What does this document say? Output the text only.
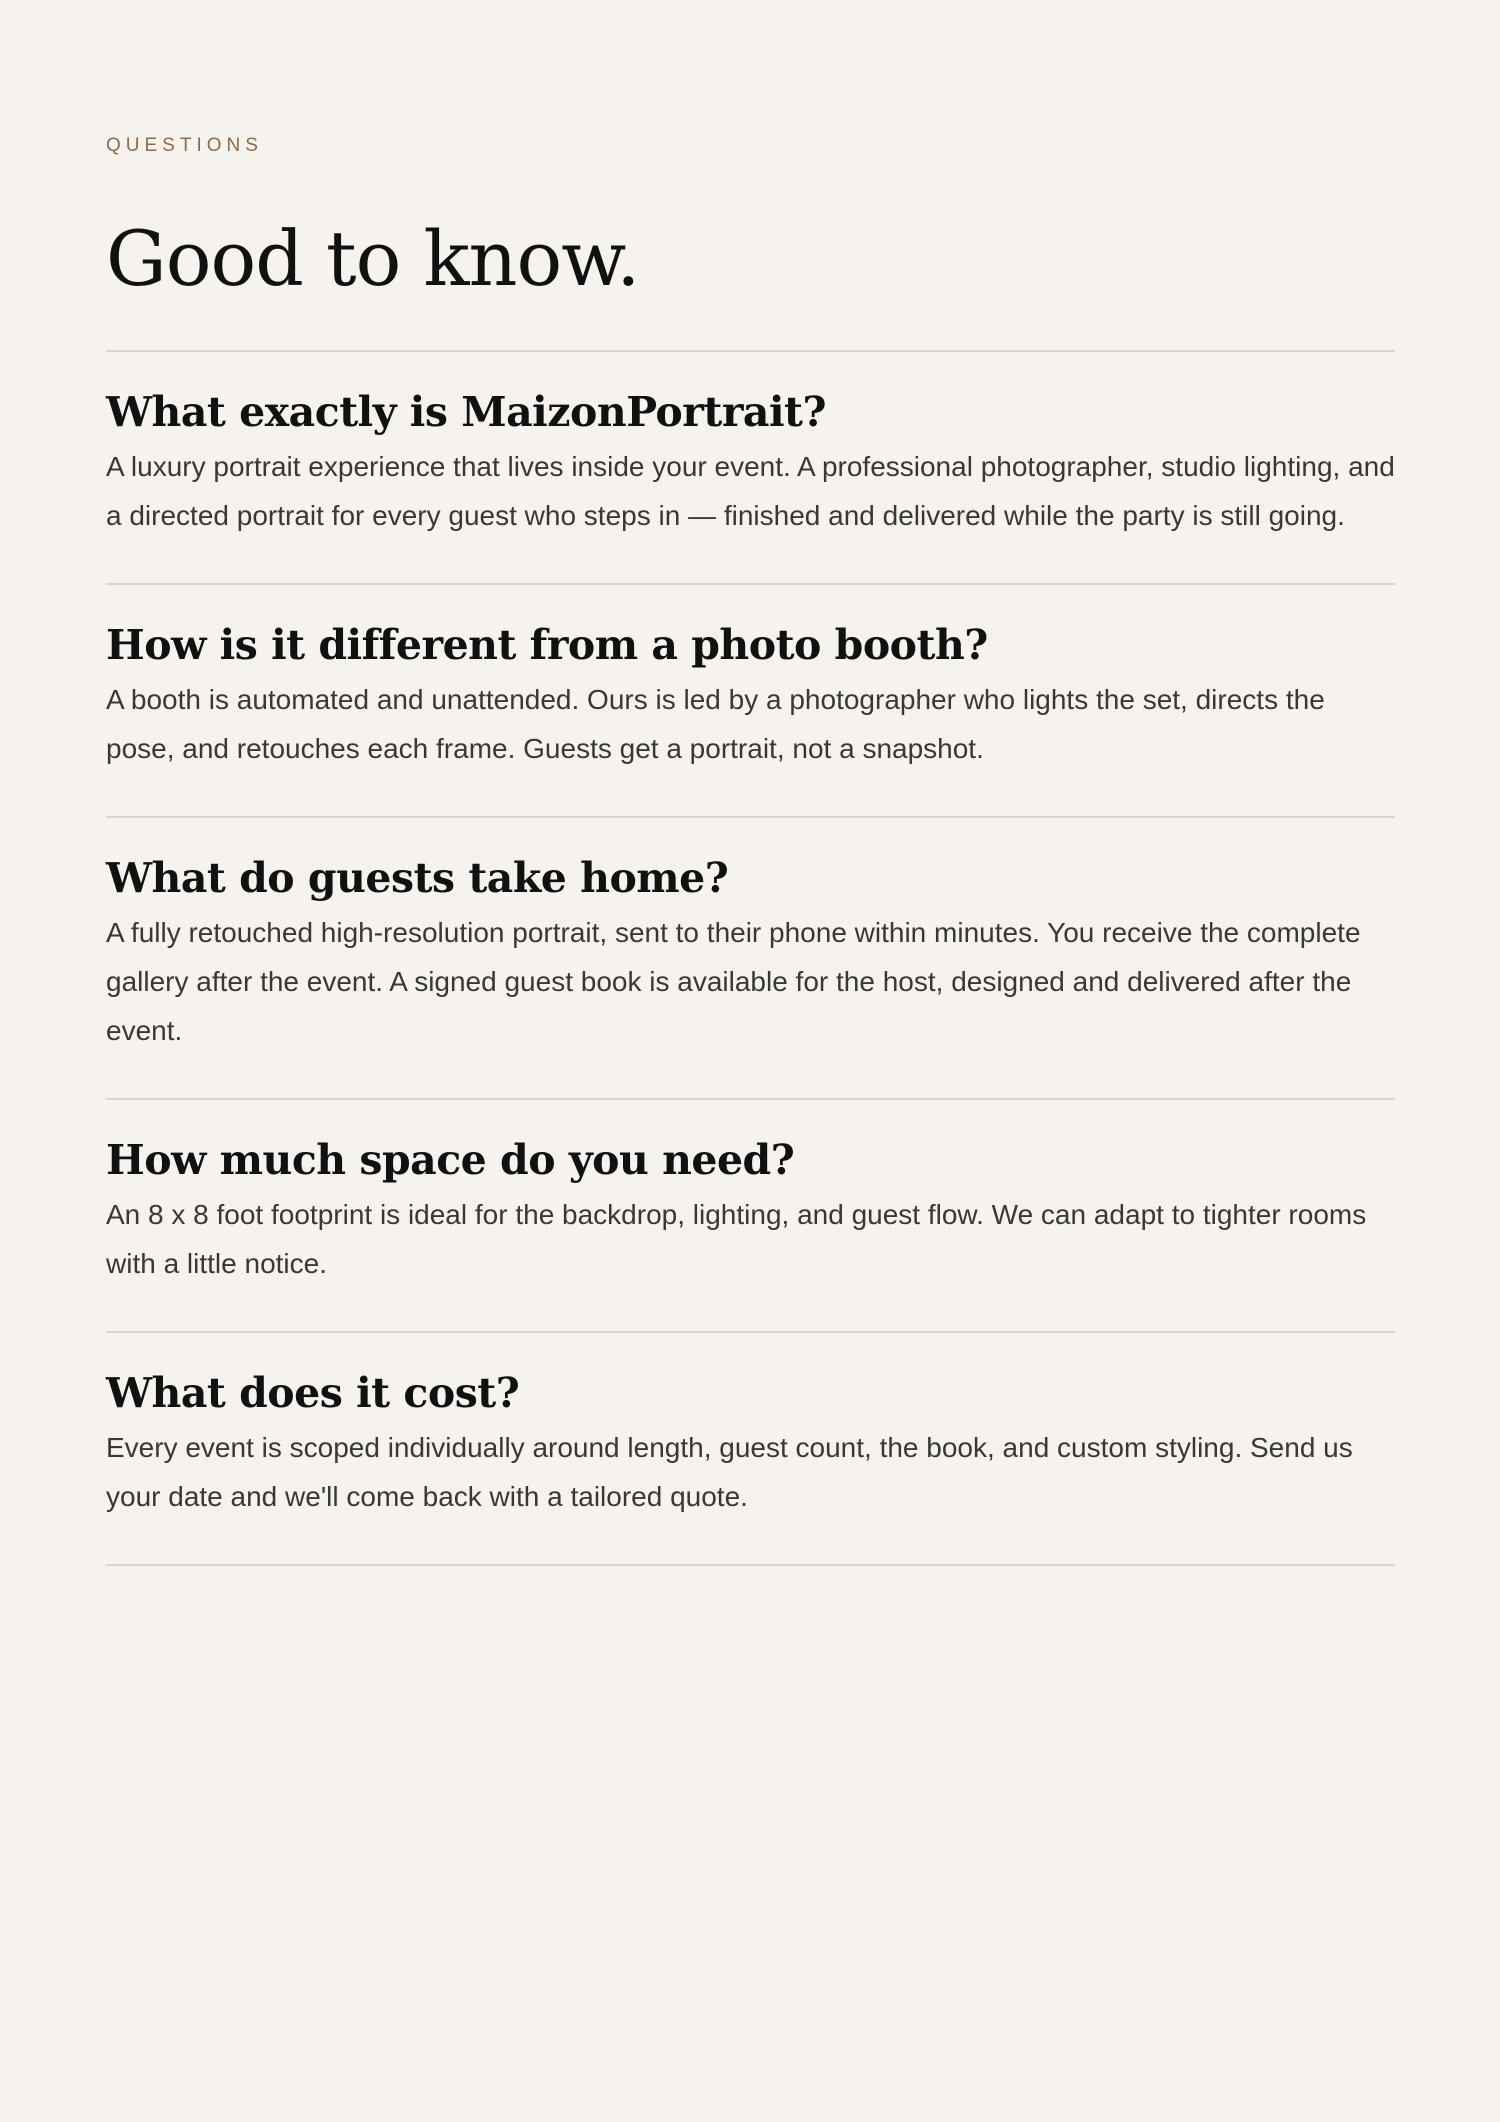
QUESTIONS
Good to know.
What exactly is MaizonPortrait?

A luxury portrait experience that lives inside your event. A professional photographer, studio lighting, and a directed portrait for every guest who steps in — finished and delivered while the party is still going.

How is it different from a photo booth?

A booth is automated and unattended. Ours is led by a photographer who lights the set, directs the pose, and retouches each frame. Guests get a portrait, not a snapshot.

What do guests take home?

A fully retouched high-resolution portrait, sent to their phone within minutes. You receive the complete gallery after the event. A signed guest book is available for the host, designed and delivered after the event.

How much space do you need?

An 8 x 8 foot footprint is ideal for the backdrop, lighting, and guest flow. We can adapt to tighter rooms with a little notice.

What does it cost?

Every event is scoped individually around length, guest count, the book, and custom styling. Send us your date and we'll come back with a tailored quote.
